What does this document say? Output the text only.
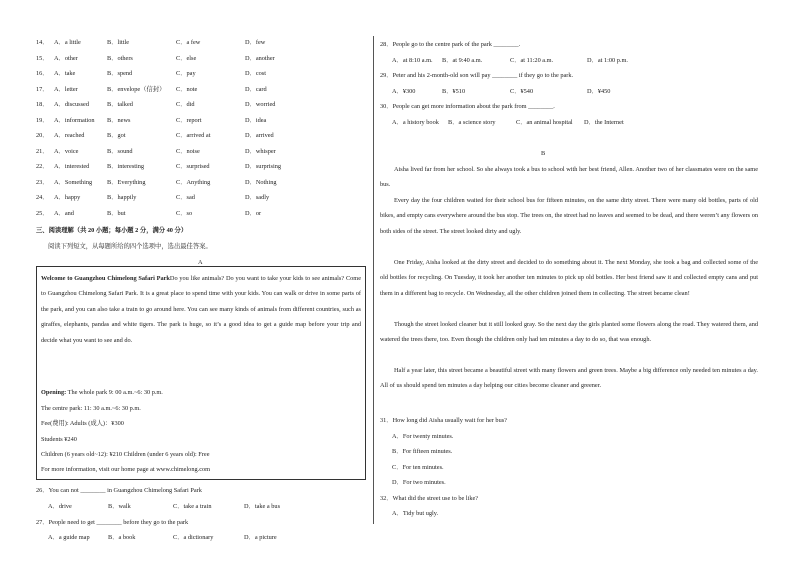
14． A．a little	B．little	C．a few	D．few
15． A．other	B．others	C．else	D．another
16． A．take	B．spend	C．pay	D．cost
17． A．letter	B．envelope（信封） C．note	D．card
18． A．discussed	B．talked	C．did	D．worried
19． A．information B．news	C．report	D．idea
20． A．reached	B．got	C．arrived at	D．arrived
21． A．voice	B．sound	C．noise	D．whisper
22． A．interested	B．interesting	C．surprised	D．surprising
23． A．Something B．Everything	C．Anything	D．Nothing
24． A．happy	B．happily	C．sad	D．sadly
25． A．and	B．but	C．so	D．or
三、阅读理解（共 20 小题；每小题 2 分，满分 40 分）
阅读下列短文，从每题所给的四个选项中，选出最佳答案。
A
Welcome to Guangzhou Chimelong Safari ParkDo you like animals? Do you want to take your kids to see animals? Come to Guangzhou Chimelong Safari Park. It is a great place to spend time with your kids. You can walk or drive in some parts of the park, and you can also take a train to go around here. You can see many kinds of animals from different countries, such as giraffes, elephants, pandas and white tigers. The park is huge, so it’s a good idea to get a guide map before your trip and decide what you want to see and do.
Opening: The whole park 9: 00 a.m.~6: 30 p.m.
The centre park: 11: 30 a.m.~6: 30 p.m.
Fee(费用): Adults (成人)：¥300
Students ¥240
Children (6 years old~12): ¥210 Children (under 6 years old): Free
For more information, visit our home page at www.chimelong.com
26．You can not ________ in Guangzhou Chimelong Safari Park
A．drive	B．walk	C．take a train	D．take a bus
27．People need to get ________ before they go to the park
A．a guide map	B．a book	C．a dictionary	D．a picture
28．People go to the centre park of the park ________.
A．at 8:10 a.m. B．at 9:40 a.m.	C．at 11:20 a.m.	D．at 1:00 p.m.
29．Peter and his 2-month-old son will pay ________ if they go to the park.
A．¥300	B．¥510	C．¥540	D．¥450
30．People can get more information about the park from ________.
A．a history book B．a science story	C．an animal hospital D．the Internet
B
Aisha lived far from her school. So she always took a bus to school with her best friend, Allen. Another two of her classmates were on the same bus.
Every day the four children waited for their school bus for fifteen minutes, on the same dirty street. There were many old bottles, parts of old bikes, and empty cans everywhere around the bus stop. The trees on, the street had no leaves and seemed to be dead, and there weren’t any flowers on both sides of the street. The street looked dirty and ugly.
One Friday, Aisha looked at the dirty street and decided to do something about it. The next Monday, she took a bag and collected some of the old bottles for recycling. On Tuesday, it took her another ten minutes to pick up old bottles. Her best friend saw it and collected empty cans and put them in a different bag to recycle. On Wednesday, all the other children joined them in collecting. The street became clean!
Though the street looked cleaner but it still looked gray. So the next day the girls planted some flowers along the road. They watered them, and watered the trees there, too. Even though the children only had ten minutes a day to do so, that was enough.
Half a year later, this street became a beautiful street with many flowers and green trees. Maybe a big difference only needed ten minutes a day. All of us should spend ten minutes a day helping our cities become cleaner and greener.
31．How long did Aisha usually wait for her bus?
A．For twenty minutes.
B．For fifteen minutes.
C．For ten minutes.
D．For two minutes.
32．What did the street use to be like?
A．Tidy but ugly.
